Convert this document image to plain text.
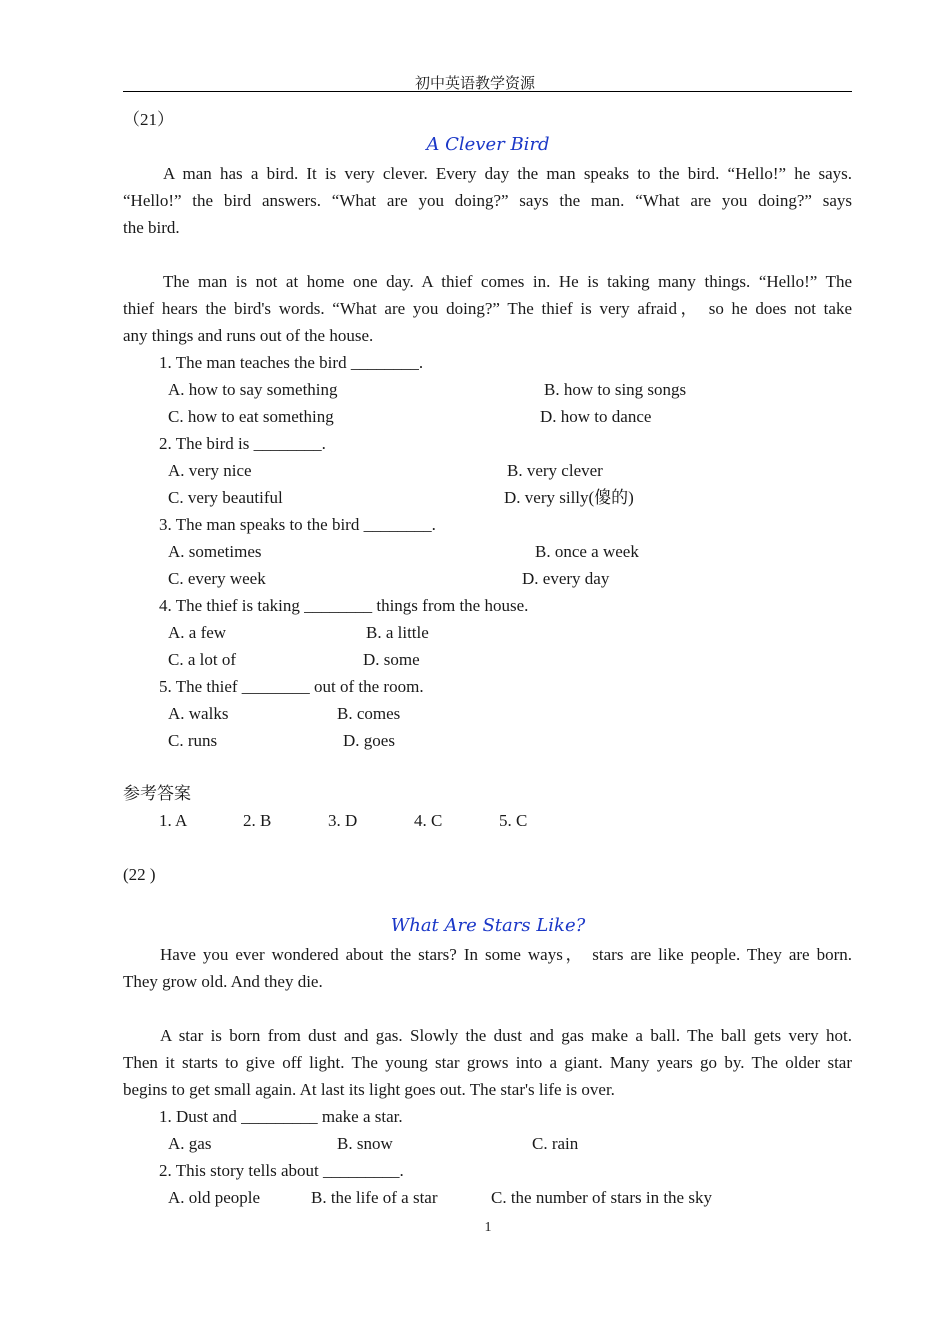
初中英语教学资源
（21）
A Clever Bird
A man has a bird. It is very clever. Every day the man speaks to the bird. “Hello!” he says.
“Hello!” the bird answers. “What are you doing?” says the man. “What are you doing?” says
the bird.
The man is not at home one day. A thief comes in. He is taking many things. “Hello!” The
thief hears the bird's words. “What are you doing?” The thief is very afraid， so he does not take
any things and runs out of the house.
1. The man teaches the bird ________.
A. how to say something	B. how to sing songs
C. how to eat something	D. how to dance
2. The bird is ________.
A. very nice	B. very clever
C. very beautiful	D. very silly(傻的)
3. The man speaks to the bird ________.
A. sometimes	B. once a week
C. every week	D. every day
4. The thief is taking ________ things from the house.
A. a few	B. a little
C. a lot of	D. some
5. The thief ________ out of the room.
A. walks	B. comes
C. runs	D. goes
参考答案
1. A	2. B	3. D	4. C	5. C
(22 )
What Are Stars Like?
Have you ever wondered about the stars? In some ways， stars are like people. They are born.
They grow old. And they die.
A star is born from dust and gas. Slowly the dust and gas make a ball. The ball gets very hot.
Then it starts to give off light. The young star grows into a giant. Many years go by. The older star
begins to get small again. At last its light goes out. The star's life is over.
1. Dust and _________ make a star.
A. gas	B. snow	C. rain
2. This story tells about _________.
A. old people	B. the life of a star	C. the number of stars in the sky
1
